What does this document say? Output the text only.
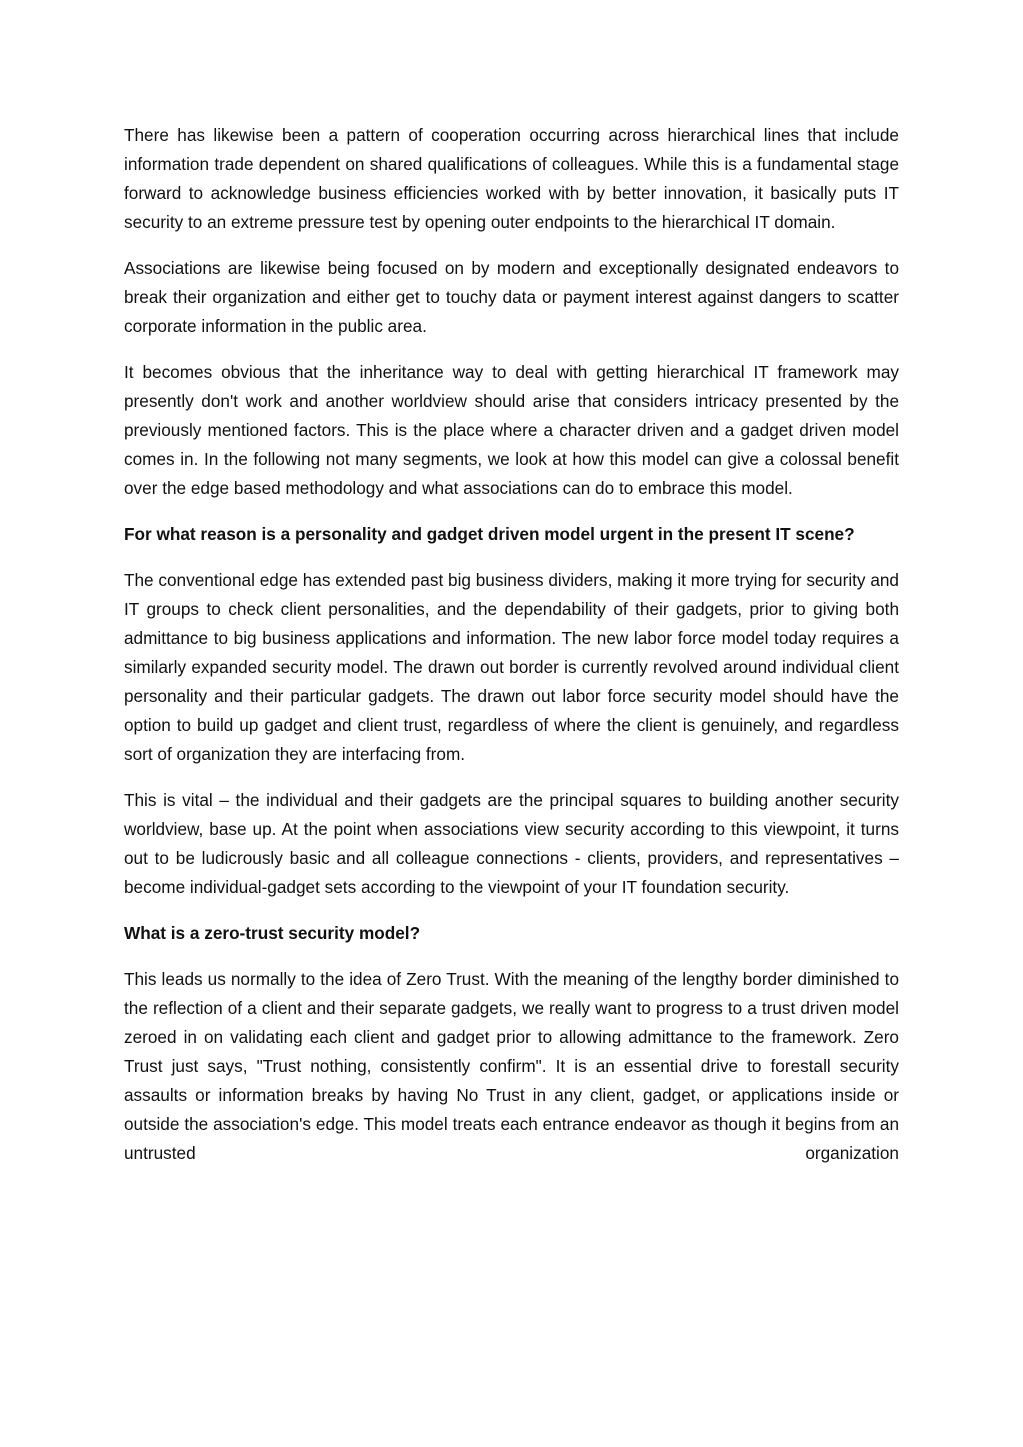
There has likewise been a pattern of cooperation occurring across hierarchical lines that include information trade dependent on shared qualifications of colleagues. While this is a fundamental stage forward to acknowledge business efficiencies worked with by better innovation, it basically puts IT security to an extreme pressure test by opening outer endpoints to the hierarchical IT domain.

Associations are likewise being focused on by modern and exceptionally designated endeavors to break their organization and either get to touchy data or payment interest against dangers to scatter corporate information in the public area.

It becomes obvious that the inheritance way to deal with getting hierarchical IT framework may presently don't work and another worldview should arise that considers intricacy presented by the previously mentioned factors. This is the place where a character driven and a gadget driven model comes in. In the following not many segments, we look at how this model can give a colossal benefit over the edge based methodology and what associations can do to embrace this model.

For what reason is a personality and gadget driven model urgent in the present IT scene?

The conventional edge has extended past big business dividers, making it more trying for security and IT groups to check client personalities, and the dependability of their gadgets, prior to giving both admittance to big business applications and information. The new labor force model today requires a similarly expanded security model. The drawn out border is currently revolved around individual client personality and their particular gadgets. The drawn out labor force security model should have the option to build up gadget and client trust, regardless of where the client is genuinely, and regardless sort of organization they are interfacing from.

This is vital – the individual and their gadgets are the principal squares to building another security worldview, base up. At the point when associations view security according to this viewpoint, it turns out to be ludicrously basic and all colleague connections - clients, providers, and representatives – become individual-gadget sets according to the viewpoint of your IT foundation security.

What is a zero-trust security model?

This leads us normally to the idea of Zero Trust. With the meaning of the lengthy border diminished to the reflection of a client and their separate gadgets, we really want to progress to a trust driven model zeroed in on validating each client and gadget prior to allowing admittance to the framework. Zero Trust just says, "Trust nothing, consistently confirm". It is an essential drive to forestall security assaults or information breaks by having No Trust in any client, gadget, or applications inside or outside the association's edge. This model treats each entrance endeavor as though it begins from an untrusted organization
